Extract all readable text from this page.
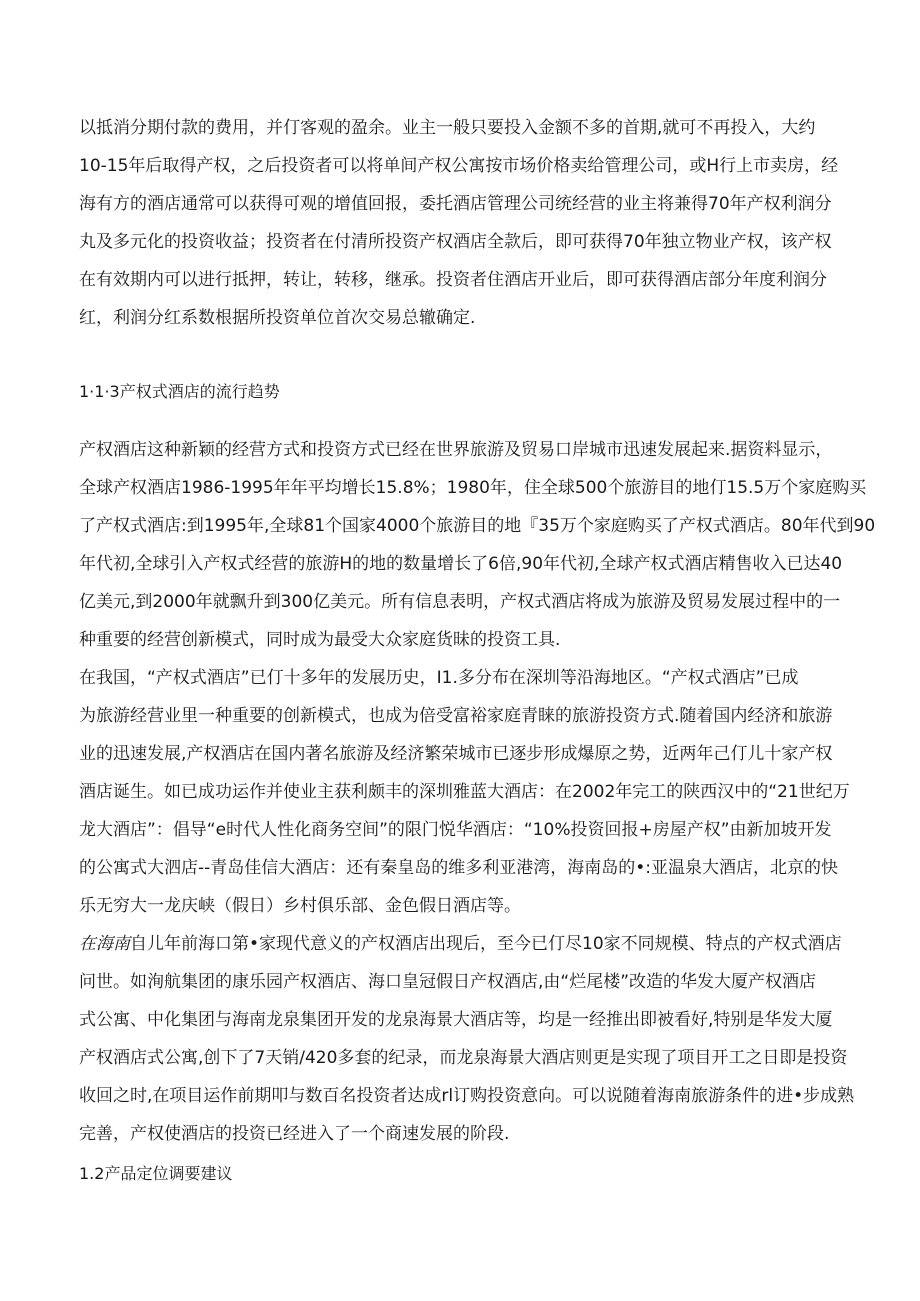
以抵消分期付款的费用，并仃客观的盈余。业主一般只要投入金额不多的首期,就可不再投入，大约
10-15年后取得产权，之后投资者可以将单间产权公寓按市场价格卖给管理公司，或H行上市卖房，经
海有方的酒店通常可以获得可观的增值回报，委托酒店管理公司统经营的业主将兼得70年产权利润分
丸及多元化的投资收益；投资者在付清所投资产权酒店全款后，即可获得70年独立物业产权，该产权
在有效期内可以进行抵押，转让，转移，继承。投资者住酒店开业后，即可获得酒店部分年度利润分
红，利润分红系数根据所投资单位首次交易总辙确定.
1·1·3产权式酒店的流行趋势
产权酒店这种新颖的经营方式和投资方式已经在世界旅游及贸易口岸城市迅速发展起来.据资料显示，
全球产权酒店1986-1995年年平均增长15.8%；1980年，住全球500个旅游目的地仃15.5万个家庭购买
了产权式酒店:到1995年,全球81个国家4000个旅游目的地『35万个家庭购买了产权式酒店。80年代到90
年代初,全球引入产权式经营的旅游H的地的数量增长了6倍,90年代初,全球产权式酒店精售收入已达40
亿美元,到2000年就飘升到300亿美元。所有信息表明，产权式酒店将成为旅游及贸易发展过程中的一
种重要的经营创新模式，同时成为最受大众家庭货昧的投资工具.
在我国，“产权式酒店”已仃十多年的发展历史，I1.多分布在深圳等沿海地区。“产权式酒店”已成
为旅游经营业里一种重要的创新模式，也成为倍受富裕家庭青睐的旅游投资方式.随着国内经济和旅游
业的迅速发展,产权酒店在国内著名旅游及经济繁荣城市已逐步形成爆原之势，近两年己仃儿十家产权
酒店诞生。如已成功运作并使业主获利颇丰的深圳雅蓝大酒店：在2002年完工的陕西汉中的“21世纪万
龙大酒店”：倡导“e时代人性化商务空间”的限门悦华酒店：“10%投资回报+房屋产权”由新加坡开发
的公寓式大泗店--青岛佳信大酒店：还有秦皇岛的维多利亚港湾，海南岛的•:亚温泉大酒店，北京的快
乐无穷大一龙庆峡（假日）乡村俱乐部、金色假日酒店等。
在海南自儿年前海口第•家现代意义的产权酒店出现后，至今已仃尽10家不同规模、特点的产权式酒店
问世。如洵航集团的康乐园产权酒店、海口皇冠假日产权酒店,由“烂尾楼”改造的华发大厦产权酒店
式公寓、中化集团与海南龙泉集团开发的龙泉海景大酒店等，均是一经推出即被看好,特别是华发大厦
产权酒店式公寓,创下了7天销/420多套的纪录，而龙泉海景大酒店则更是实现了项目开工之日即是投资
收回之时,在项目运作前期叩与数百名投资者达成rl订购投资意向。可以说随着海南旅游条件的进•步成熟
完善，产权使酒店的投资已经进入了一个商速发展的阶段.
1.2产品定位调要建议
